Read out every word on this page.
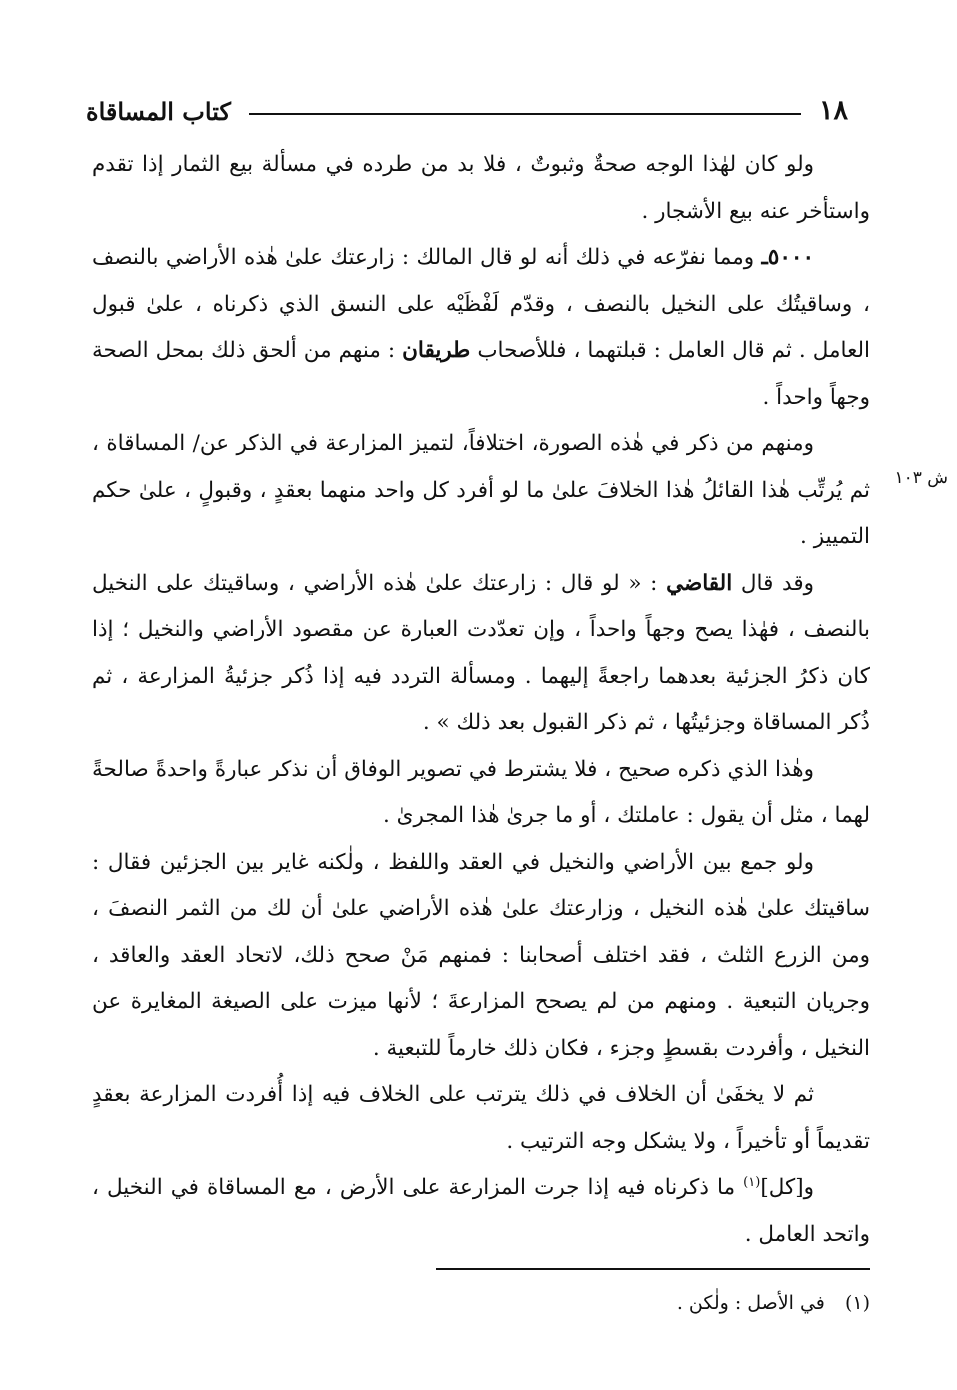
١٨
كتاب المساقاة
ش ١٠٣

ولو كان لهٰذا الوجه صحةٌ وثبوتٌ ، فلا بد من طرده في مسألة بيع الثمار إذا تقدم واستأخر عنه بيع الأشجار .

٥٠٠٠ـ ومما نفرّعه في ذلك أنه لو قال المالك : زارعتك علىٰ هٰذه الأراضي بالنصف ، وساقيتُك على النخيل بالنصف ، وقدّم لَفْظَيْه على النسق الذي ذكرناه ، علىٰ قبول العامل . ثم قال العامل : قبلتهما ، فللأصحاب طريقان : منهم من ألحق ذلك بمحل الصحة وجهاً واحداً .

ومنهم من ذكر في هٰذه الصورة، اختلافاً، لتميز المزارعة في الذكر عن/ المساقاة ، ثم يُرتِّب هٰذا القائلُ هٰذا الخلافَ علىٰ ما لو أفرد كل واحد منهما بعقدٍ ، وقبولٍ ، علىٰ حكم التمييز .

وقد قال القاضي : « لو قال : زارعتك علىٰ هٰذه الأراضي ، وساقيتك على النخيل بالنصف ، فهٰذا يصح وجهاً واحداً ، وإن تعدّدت العبارة عن مقصود الأراضي والنخيل ؛ إذا كان ذكرُ الجزئية بعدهما راجعةً إليهما . ومسألة التردد فيه إذا ذُكر جزئيةُ المزارعة ، ثم ذُكر المساقاة وجزئيتُها ، ثم ذكر القبول بعد ذلك » .

وهٰذا الذي ذكره صحيح ، فلا يشترط في تصوير الوفاق أن نذكر عبارةً واحدةً صالحةً لهما ، مثل أن يقول : عاملتك ، أو ما جرىٰ هٰذا المجرىٰ .

ولو جمع بين الأراضي والنخيل في العقد واللفظ ، ولٰكنه غاير بين الجزئين فقال : ساقيتك علىٰ هٰذه النخيل ، وزارعتك علىٰ هٰذه الأراضي علىٰ أن لك من الثمر النصفَ ، ومن الزرع الثلث ، فقد اختلف أصحابنا : فمنهم مَنْ صحح ذلك، لاتحاد العقد والعاقد ، وجريان التبعية . ومنهم من لم يصحح المزارعةَ ؛ لأنها ميزت على الصيغة المغايرة عن النخيل ، وأفردت بقسطٍ وجزء ، فكان ذلك خارماً للتبعية .

ثم لا يخفَىٰ أن الخلاف في ذلك يترتب على الخلاف فيه إذا أُفردت المزارعة بعقدٍ تقديماً أو تأخيراً ، ولا يشكل وجه الترتيب .

و[كل]$^{(١)}$ ما ذكرناه فيه إذا جرت المزارعة على الأرض ، مع المساقاة في النخيل ، واتحد العامل .

(١) في الأصل : ولٰكن .
